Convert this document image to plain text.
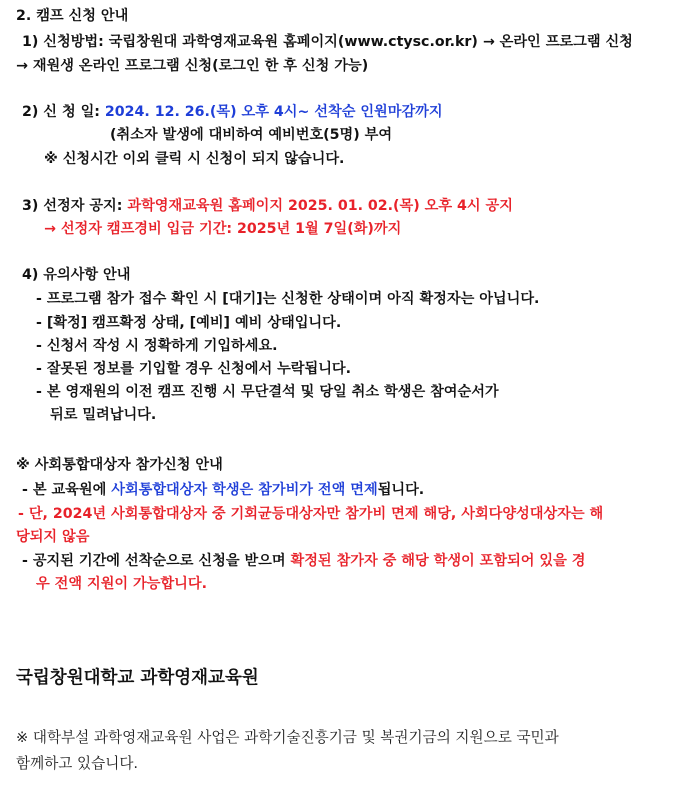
2. 캠프 신청 안내
1) 신청방법: 국립창원대 과학영재교육원 홈페이지(www.ctysc.or.kr) → 온라인 프로그램 신청
→ 재원생 온라인 프로그램 신청(로그인 한 후 신청 가능)
2) 신 청 일: 2024. 12. 26.(목) 오후 4시~ 선착순 인원마감까지
(취소자 발생에 대비하여 예비번호(5명) 부여
※ 신청시간 이외 클릭 시 신청이 되지 않습니다.
3) 선정자 공지: 과학영재교육원 홈페이지 2025. 01. 02.(목) 오후 4시 공지
→ 선정자 캠프경비 입금 기간: 2025년 1월 7일(화)까지
4) 유의사항 안내
- 프로그램 참가 접수 확인 시 [대기]는 신청한 상태이며 아직 확정자는 아닙니다.
- [확정] 캠프확정 상태, [예비] 예비 상태입니다.
- 신청서 작성 시 정확하게 기입하세요.
- 잘못된 정보를 기입할 경우 신청에서 누락됩니다.
- 본 영재원의 이전 캠프 진행 시 무단결석 및 당일 취소 학생은 참여순서가
뒤로 밀려납니다.
※ 사회통합대상자 참가신청 안내
- 본 교육원에 사회통합대상자 학생은 참가비가 전액 면제됩니다.
- 단, 2024년 사회통합대상자 중 기회균등대상자만 참가비 면제 해당, 사회다양성대상자는 해
당되지 않음
- 공지된 기간에 선착순으로 신청을 받으며 확정된 참가자 중 해당 학생이 포함되어 있을 경
우 전액 지원이 가능합니다.
국립창원대학교 과학영재교육원
※ 대학부설 과학영재교육원 사업은 과학기술진흥기금 및 복권기금의 지원으로 국민과
함께하고 있습니다.
